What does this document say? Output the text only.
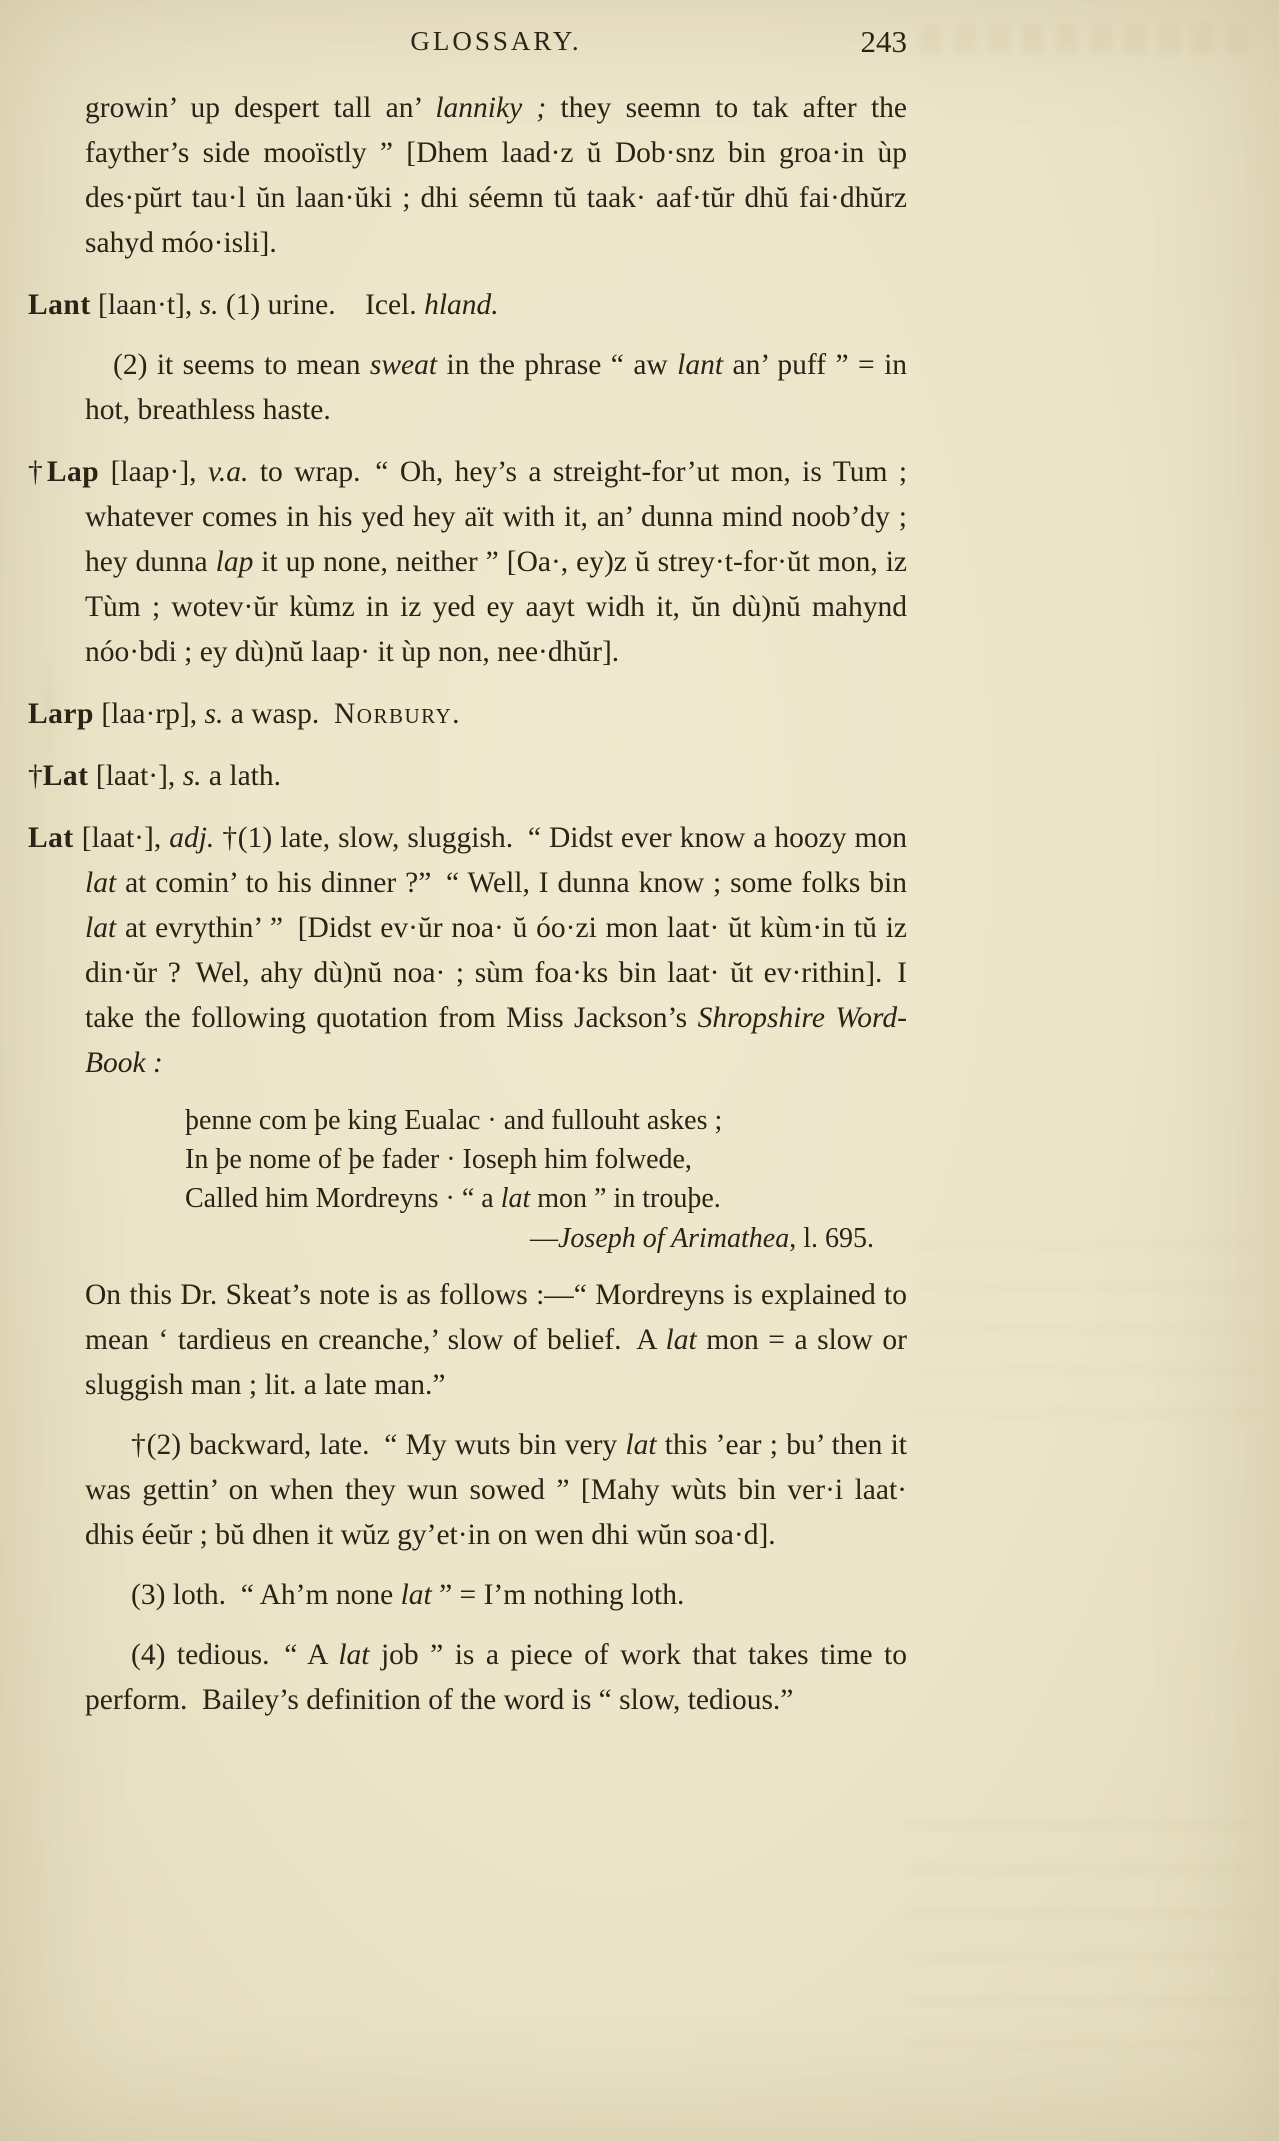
GLOSSARY.	243
growin’ up despert tall an’ lanniky ; they seemn to tak after the fayther’s side mooïstly ” [Dhem laad·z ŭ Dob·snz bin groa·in ùp des·pŭrt tau·l ŭn laan·ŭki ; dhi séemn tŭ taak· aaf·tŭr dhŭ fai·dhŭrz sahyd móo·isli].
Lant [laan·t], s. (1) urine. Icel. hland.
(2) it seems to mean sweat in the phrase “ aw lant an’ puff ” = in hot, breathless haste.
†Lap [laap·], v.a. to wrap. “ Oh, hey’s a streight-for’ut mon, is Tum ; whatever comes in his yed hey aït with it, an’ dunna mind noob’dy ; hey dunna lap it up none, neither ” [Oa·, ey)z ŭ strey·t-for·ŭt mon, iz Tùm ; wotev·ŭr kùmz in iz yed ey aayt widh it, ŭn dù)nŭ mahynd nóo·bdi ; ey dù)nŭ laap· it ùp non, nee·dhŭr].
Larp [laa·rp], s. a wasp. Norbury.
†Lat [laat·], s. a lath.
Lat [laat·], adj. †(1) late, slow, sluggish. “ Didst ever know a hoozy mon lat at comin’ to his dinner ?” “ Well, I dunna know ; some folks bin lat at evrythin’ ” [Didst ev·ŭr noa· ŭ óo·zi mon laat· ŭt kùm·in tŭ iz din·ŭr ? Wel, ahy dù)nŭ noa· ; sùm foa·ks bin laat· ŭt ev·rithin]. I take the following quotation from Miss Jackson’s Shropshire Word-Book :
þenne com þe king Eualac · and fullouht askes ;
In þe nome of þe fader · Ioseph him folwede,
Called him Mordreyns · “ a lat mon ” in trouþe.
—Joseph of Arimathea, l. 695.
On this Dr. Skeat’s note is as follows :—“ Mordreyns is explained to mean ‘ tardieus en creanche,’ slow of belief. A lat mon = a slow or sluggish man ; lit. a late man.”
†(2) backward, late. “ My wuts bin very lat this ’ear ; bu’ then it was gettin’ on when they wun sowed ” [Mahy wùts bin ver·i laat· dhis éeŭr ; bŭ dhen it wŭz gy’et·in on wen dhi wŭn soa·d].
(3) loth. “ Ah’m none lat ” = I’m nothing loth.
(4) tedious. “ A lat job ” is a piece of work that takes time to perform. Bailey’s definition of the word is “ slow, tedious.”
